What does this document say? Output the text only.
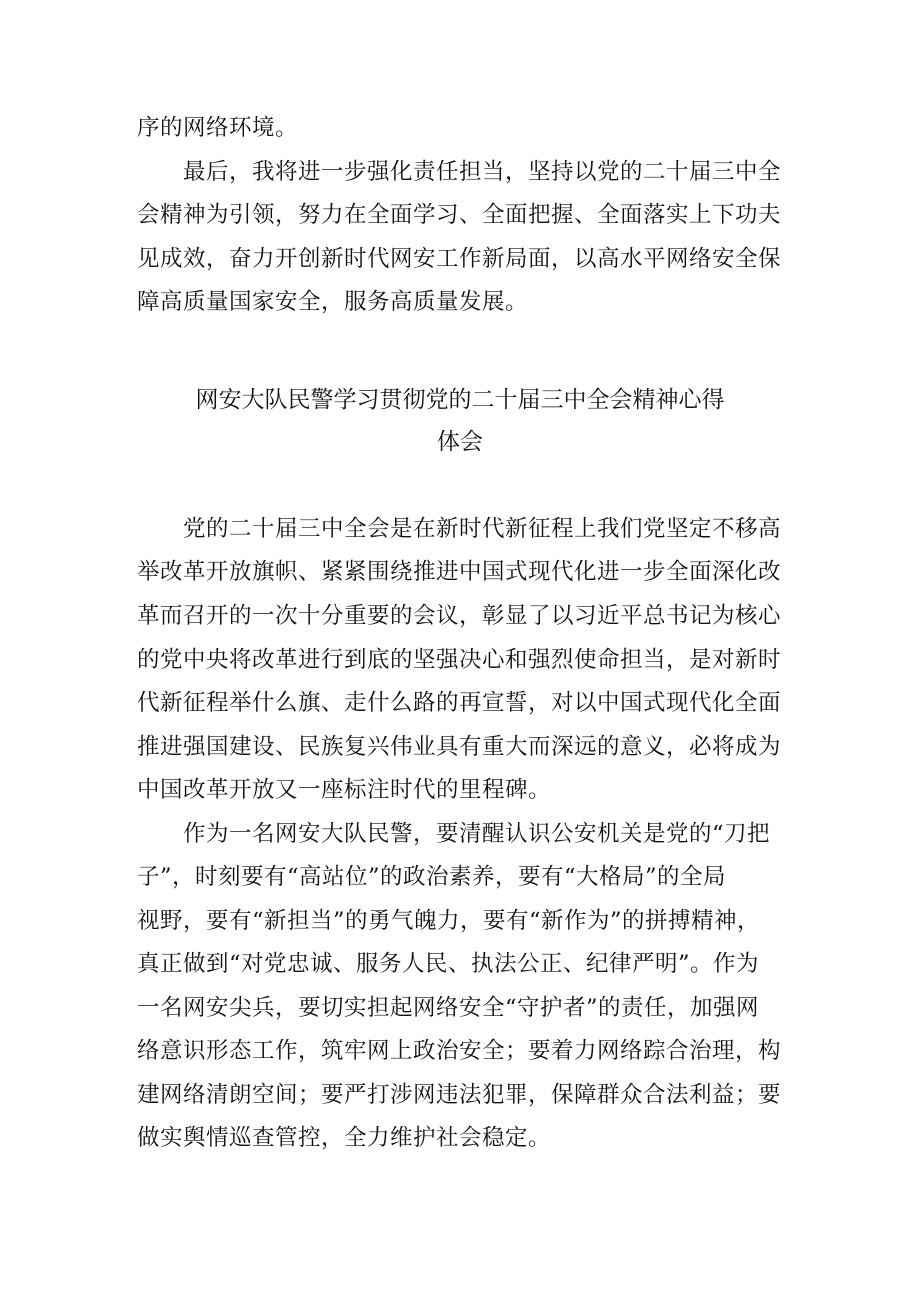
序的网络环境。
最后，我将进一步强化责任担当，坚持以党的二十届三中全
会精神为引领，努力在全面学习、全面把握、全面落实上下功夫
见成效，奋力开创新时代网安工作新局面，以高水平网络安全保
障高质量国家安全，服务高质量发展。
网安大队民警学习贯彻党的二十届三中全会精神心得
体会
党的二十届三中全会是在新时代新征程上我们党坚定不移高
举改革开放旗帜、紧紧围绕推进中国式现代化进一步全面深化改
革而召开的一次十分重要的会议，彰显了以习近平总书记为核心
的党中央将改革进行到底的坚强决心和强烈使命担当，是对新时
代新征程举什么旗、走什么路的再宣誓，对以中国式现代化全面
推进强国建设、民族复兴伟业具有重大而深远的意义，必将成为
中国改革开放又一座标注时代的里程碑。
作为一名网安大队民警，要清醒认识公安机关是党的“刀把
子”，时刻要有“高站位”的政治素养，要有“大格局”的全局
视野，要有“新担当”的勇气魄力，要有“新作为”的拼搏精神，
真正做到“对党忠诚、服务人民、执法公正、纪律严明”。作为
一名网安尖兵，要切实担起网络安全“守护者”的责任，加强网
络意识形态工作，筑牢网上政治安全；要着力网络踪合治理，构
建网络清朗空间；要严打涉网违法犯罪，保障群众合法利益；要
做实舆情巡查管控，全力维护社会稳定。
